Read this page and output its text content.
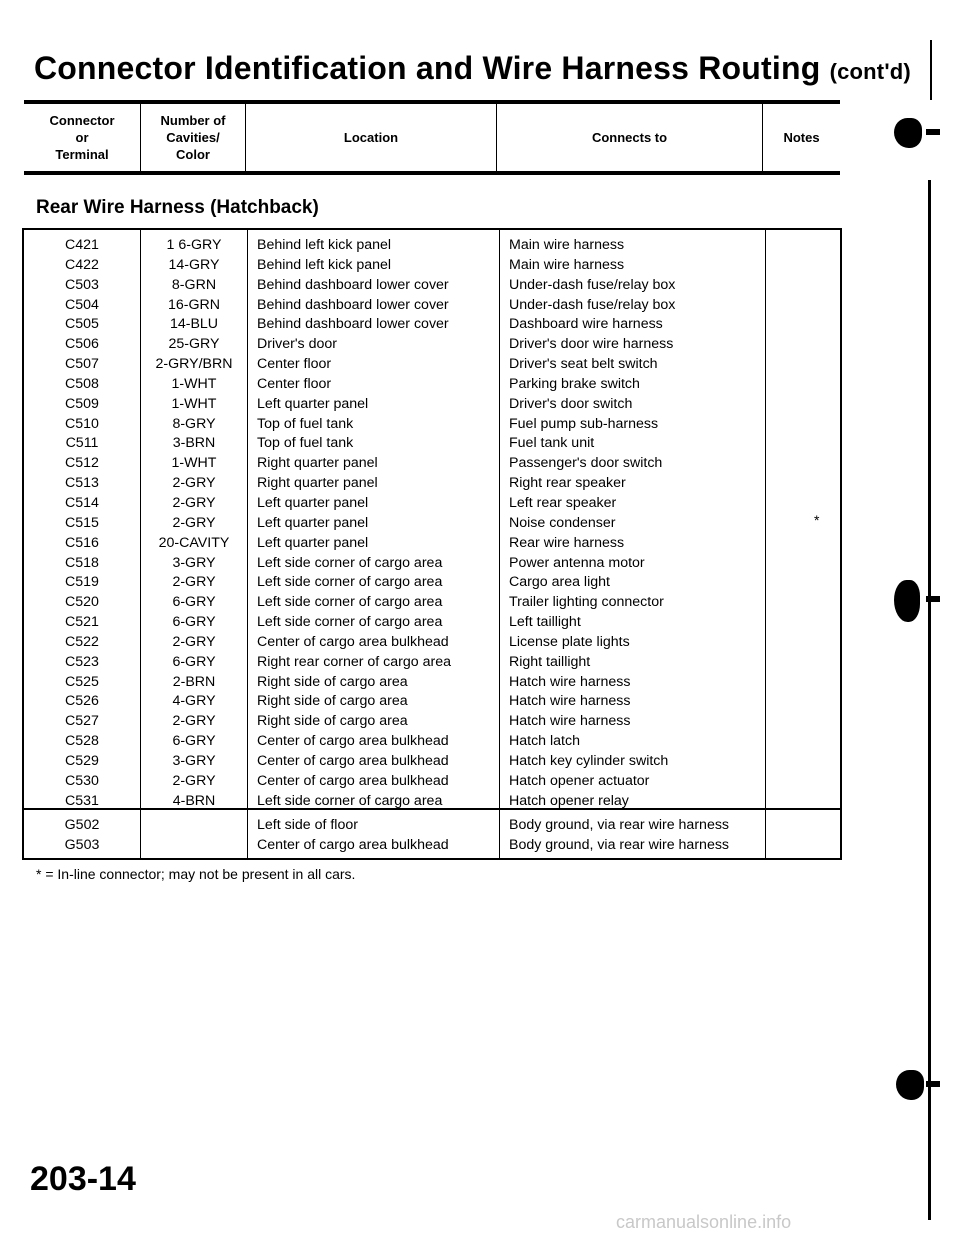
Connector Identification and Wire Harness Routing (cont'd)
Connector
or
Terminal
Number of
Cavities/
Color
Location	Connects to	Notes
Rear Wire Harness (Hatchback)
C421
C422
C503
C504
C505
C506
C507
C508
C509
C510
C511
C512
C513
C514
C515
C516
C518
C519
C520
C521
C522
C523
C525
C526
C527
C528
C529
C530
C531
1 6-GRY
14-GRY
8-GRN
16-GRN
14-BLU
25-GRY
2-GRY/BRN
1-WHT
1-WHT
8-GRY
3-BRN
1-WHT
2-GRY
2-GRY
2-GRY
20-CAVITY
3-GRY
2-GRY
6-GRY
6-GRY
2-GRY
6-GRY
2-BRN
4-GRY
2-GRY
6-GRY
3-GRY
2-GRY
4-BRN
Behind left kick panel
Behind left kick panel
Behind dashboard lower cover
Behind dashboard lower cover
Behind dashboard lower cover
Driver's door
Center floor
Center floor
Left quarter panel
Top of fuel tank
Top of fuel tank
Right quarter panel
Right quarter panel
Left quarter panel
Left quarter panel
Left quarter panel
Left side corner of cargo area
Left side corner of cargo area
Left side corner of cargo area
Left side corner of cargo area
Center of cargo area bulkhead
Right rear corner of cargo area
Right side of cargo area
Right side of cargo area
Right side of cargo area
Center of cargo area bulkhead
Center of cargo area bulkhead
Center of cargo area bulkhead
Left side corner of cargo area
Main wire harness
Main wire harness
Under-dash fuse/relay box
Under-dash fuse/relay box
Dashboard wire harness
Driver's door wire harness
Driver's seat belt switch
Parking brake switch
Driver's door switch
Fuel pump sub-harness
Fuel tank unit
Passenger's door switch
Right rear speaker
Left rear speaker
Noise condenser
Rear wire harness
Power antenna motor
Cargo area light
Trailer lighting connector
Left taillight
License plate lights
Right taillight
Hatch wire harness
Hatch wire harness
Hatch wire harness
Hatch latch
Hatch key cylinder switch
Hatch opener actuator
Hatch opener relay
*
G502
G503
Left side of floor
Center of cargo area bulkhead
Body ground, via rear wire harness
Body ground, via rear wire harness

* = In-line connector; may not be present in all cars.

203-14

carmanualsonline.info
